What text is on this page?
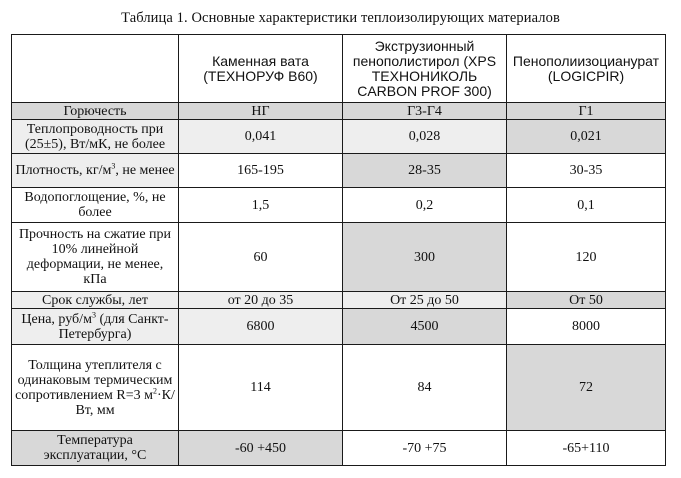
Таблица 1. Основные характеристики теплоизолирующих материалов
	Каменная вата (ТЕХНОРУФ В60)	Экструзионный пенополистирол (XPS ТЕХНОНИКОЛЬ CARBON PROF 300)	Пенополиизоцианурат (LOGICPIR)
Горючесть	НГ	Г3-Г4	Г1
Теплопроводность при (25±5), Вт/мК, не более	0,041	0,028	0,021
Плотность, $кг/м^3$, не менее	165-195	28-35	30-35
Водопоглощение, %, не более	1,5	0,2	0,1
Прочность на сжатие при 10% линейной деформации, не менее, кПа	60	300	120
Срок службы, лет	от 20 до 35	От 25 до 50	От 50
Цена, руб/$м^3$ (для Санкт-Петербурга)	6800	4500	8000
Толщина утеплителя с одинаковым термическим сопротивлением R=3 $м^2\cdot К/Вт$, мм	114	84	72
Температура эксплуатации, °С	-60 +450	-70 +75	-65+110
